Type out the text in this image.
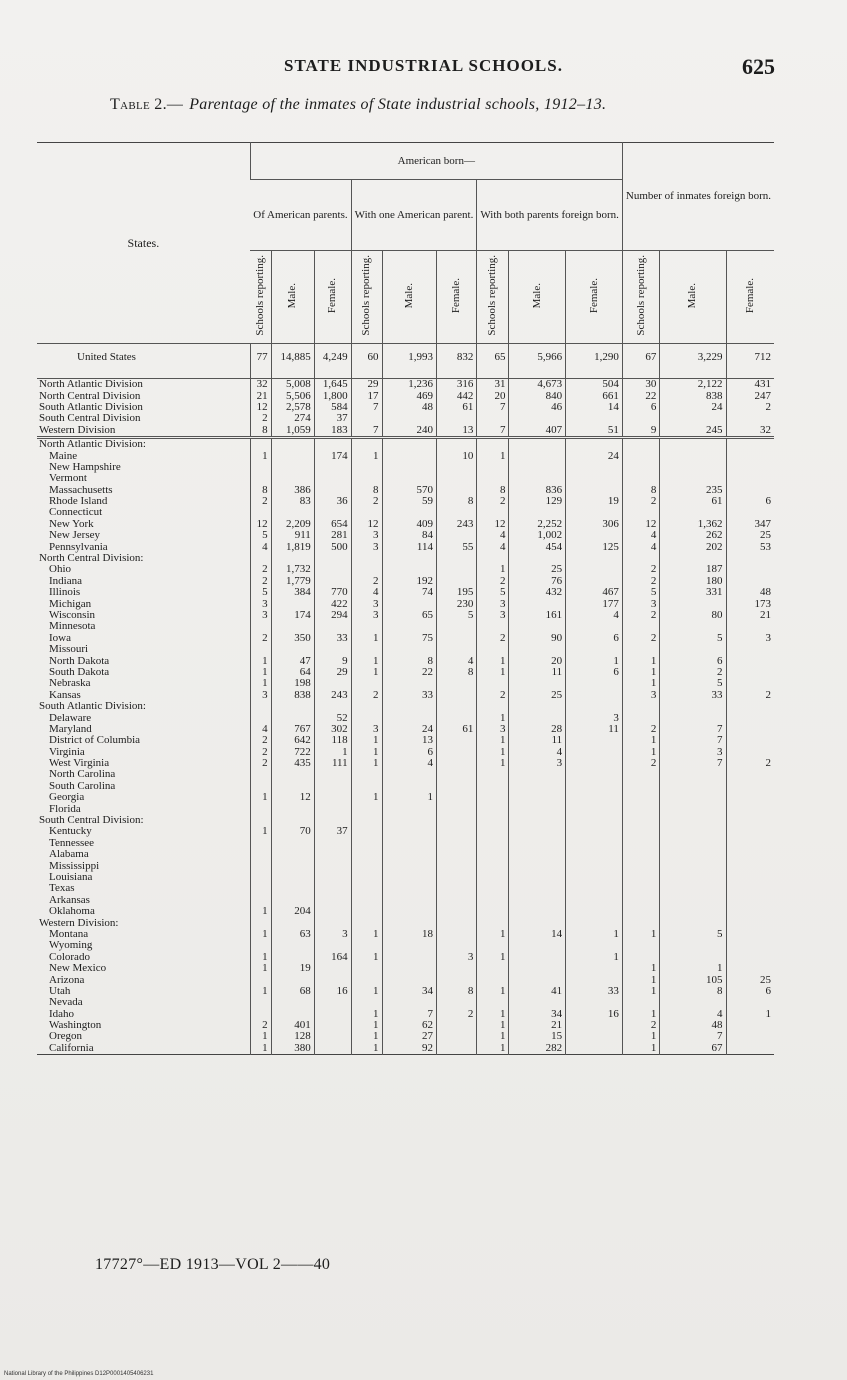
STATE INDUSTRIAL SCHOOLS.	625
Table 2.— Parentage of the inmates of State industrial schools, 1912–13.
States.	American born—									Number of inmates foreign born.		
	Of American parents.			With one American parent.			With both parents foreign born.					
	Schools reporting.	Male.	Female.	Schools reporting.	Male.	Female.	Schools reporting.	Male.	Female.	Schools reporting.	Male.	Female.
United States	77	14,885	4,249	60	1,993	832	65	5,966	1,290	67	3,229	712

North Atlantic Division	32	5,008	1,645	29	1,236	316	31	4,673	504	30	2,122	431
North Central Division	21	5,506	1,800	17	469	442	20	840	661	22	838	247
South Atlantic Division	12	2,578	584	7	48	61	7	46	14	6	24	2
South Central Division	2	274	37									
Western Division	8	1,059	183	7	240	13	7	407	51	9	245	32
North Atlantic Division:												
Maine	1		174	1		10	1		24			
New Hampshire												
Vermont												
Massachusetts	8	386		8	570		8	836		8	235	
Rhode Island	2	83	36	2	59	8	2	129	19	2	61	6
Connecticut												
New York	12	2,209	654	12	409	243	12	2,252	306	12	1,362	347
New Jersey	5	911	281	3	84		4	1,002		4	262	25
Pennsylvania	4	1,819	500	3	114	55	4	454	125	4	202	53
North Central Division:												
Ohio	2	1,732					1	25		2	187	
Indiana	2	1,779		2	192		2	76		2	180	
Illinois	5	384	770	4	74	195	5	432	467	5	331	48
Michigan	3		422	3		230	3		177	3		173
Wisconsin	3	174	294	3	65	5	3	161	4	2	80	21
Minnesota												
Iowa	2	350	33	1	75		2	90	6	2	5	3
Missouri												
North Dakota	1	47	9	1	8	4	1	20	1	1	6	
South Dakota	1	64	29	1	22	8	1	11	6	1	2	
Nebraska	1	198								1	5	
Kansas	3	838	243	2	33		2	25		3	33	2
South Atlantic Division:												
Delaware			52				1		3			
Maryland	4	767	302	3	24	61	3	28	11	2	7	
District of Columbia	2	642	118	1	13		1	11		1	7	
Virginia	2	722	1	1	6		1	4		1	3	
West Virginia	2	435	111	1	4		1	3		2	7	2
North Carolina												
South Carolina												
Georgia	1	12		1	1							
Florida												
South Central Division:												
Kentucky	1	70	37									
Tennessee												
Alabama												
Mississippi												
Louisiana												
Texas												
Arkansas												
Oklahoma	1	204										
Western Division:												
Montana	1	63	3	1	18		1	14	1	1	5	
Wyoming												
Colorado	1		164	1		3	1		1			
New Mexico	1	19								1	1	
Arizona										1	105	25
Utah	1	68	16	1	34	8	1	41	33	1	8	6
Nevada												
Idaho				1	7	2	1	34	16	1	4	1
Washington	2	401		1	62		1	21		2	48	
Oregon	1	128		1	27		1	15		1	7	
California	1	380		1	92		1	282		1	67	
17727°—ED 1913—VOL 2——40
National Library of the Philippines D12P0001405406231
